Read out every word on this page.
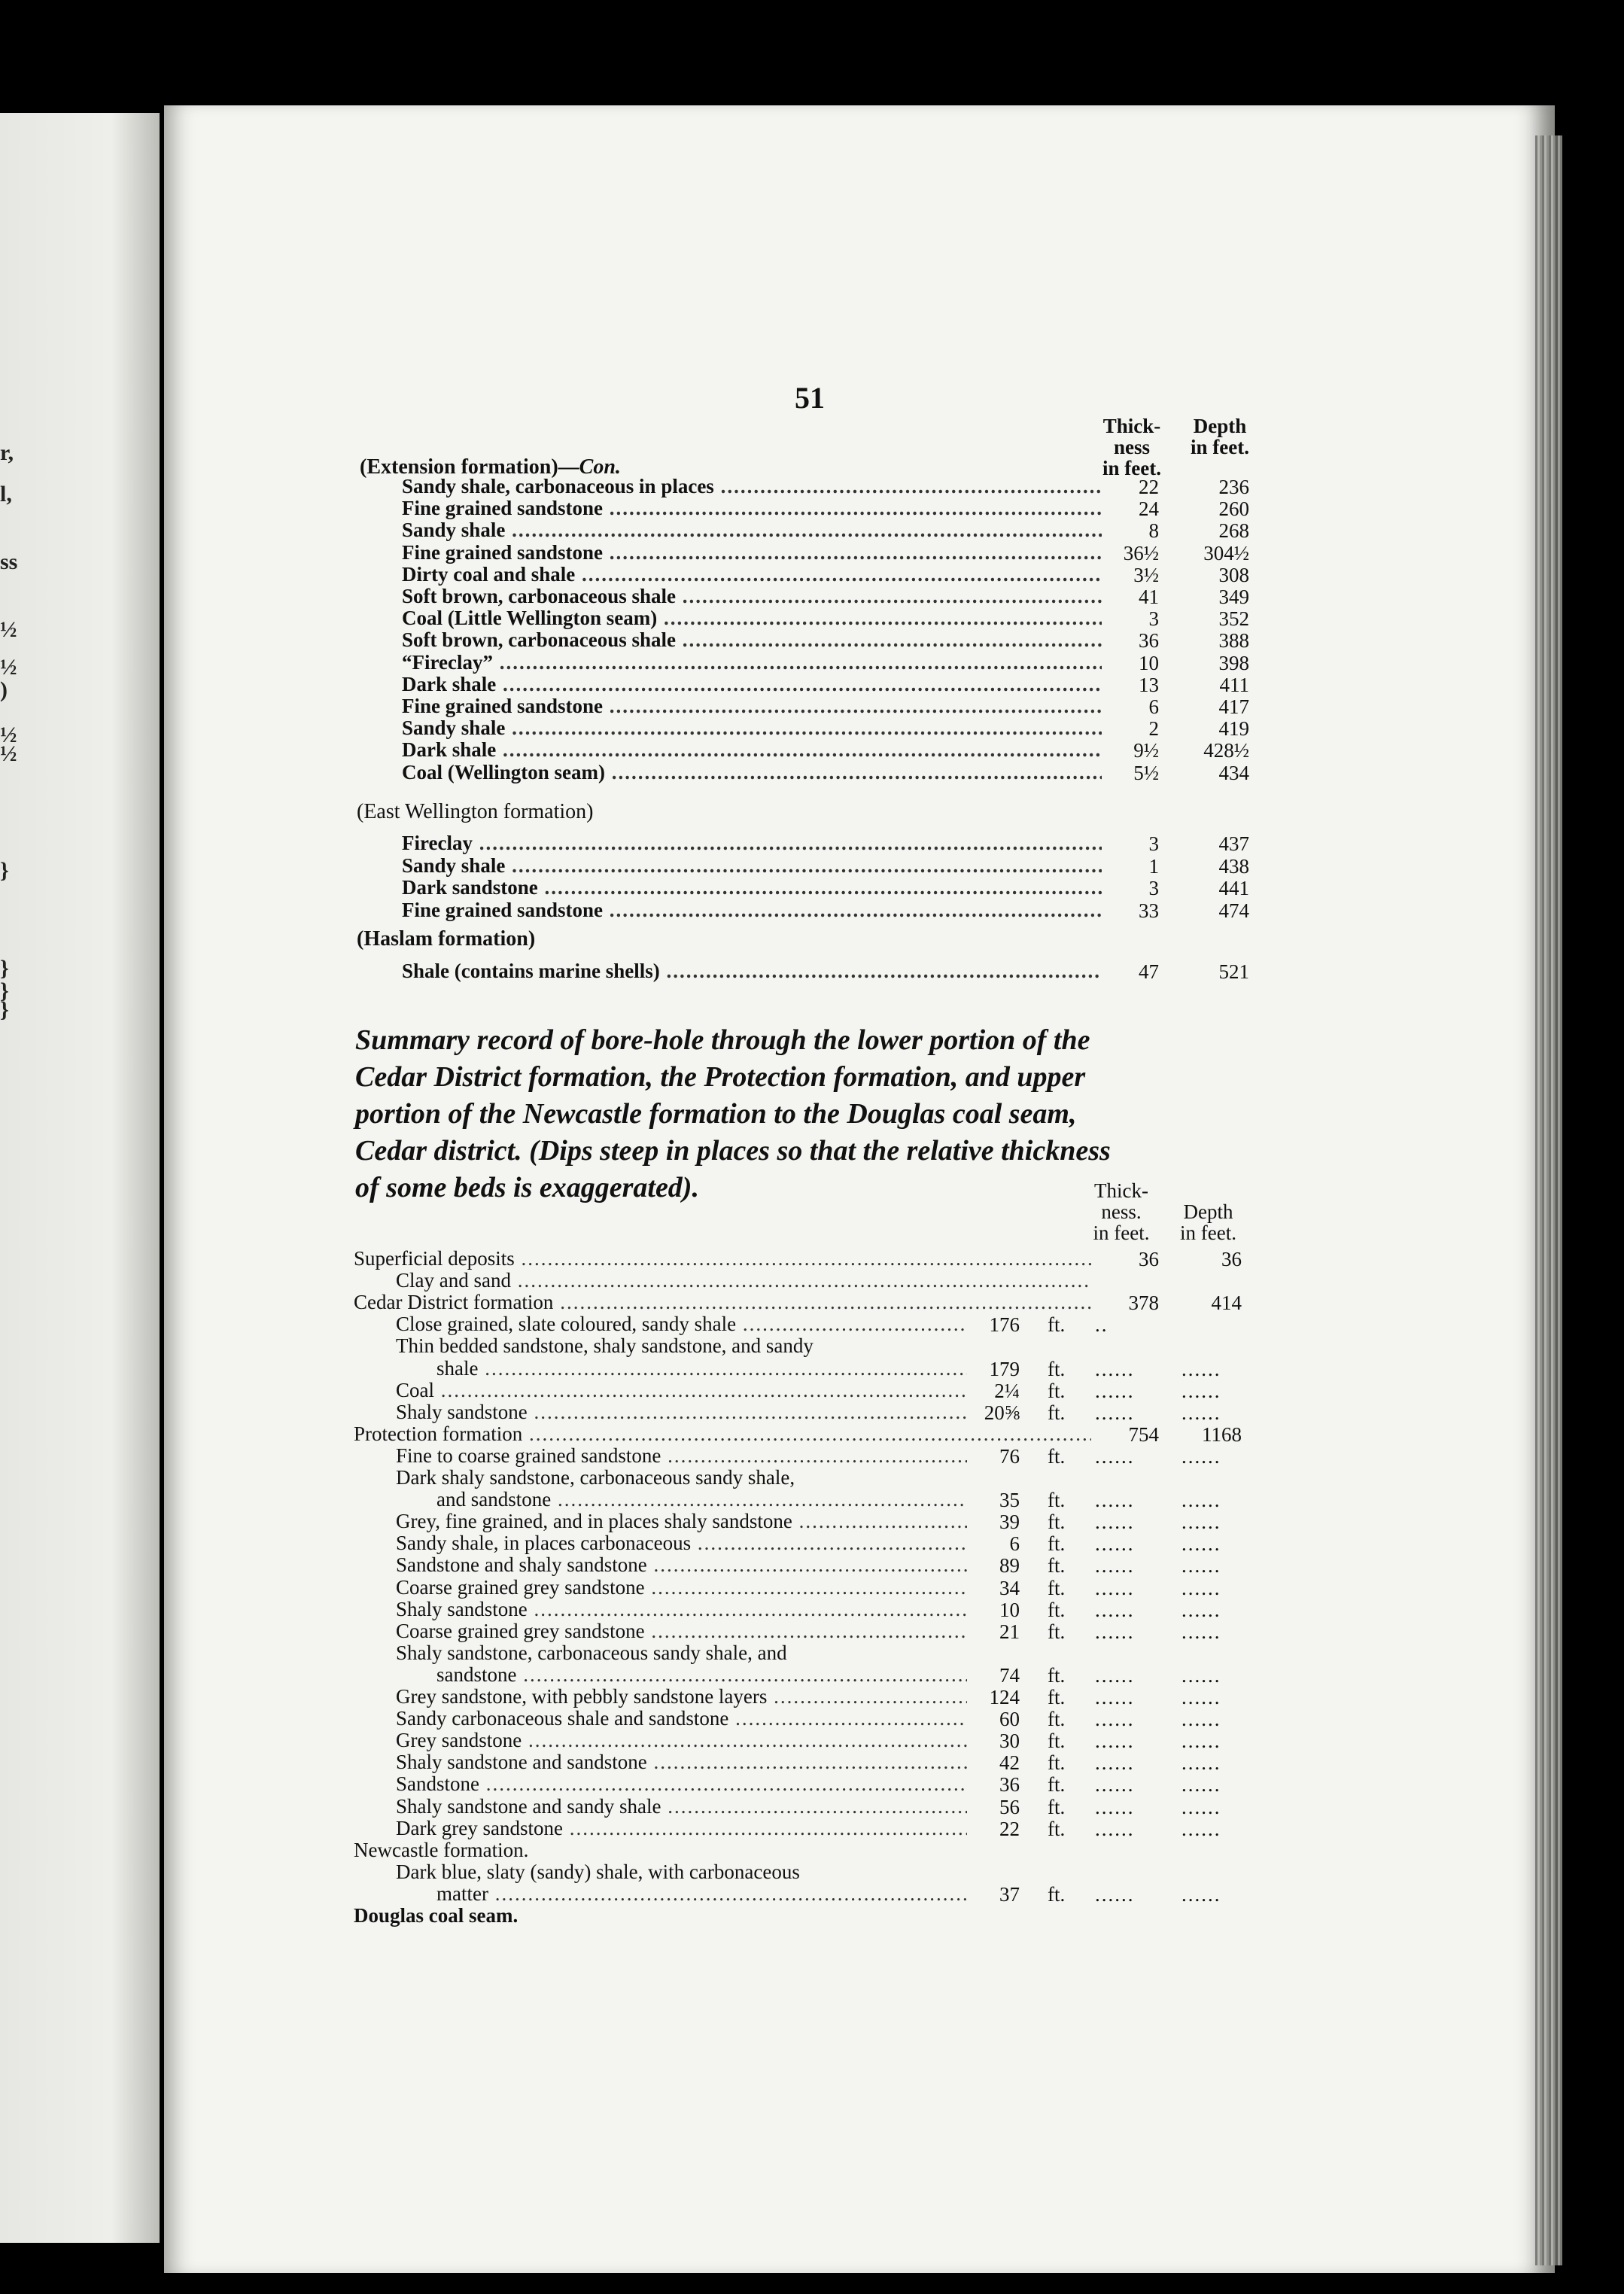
r,
l,
ss
½
½
)
½
½
}
}
}
}
51
Thick-
ness
in feet.
Depth
in feet.
(Extension formation)—Con.
Sandy shale, carbonaceous in places .....	22	236
Fine grained sandstone .....	24	260
Sandy shale .....	8	268
Fine grained sandstone .....	36½	304½
Dirty coal and shale .....	3½	308
Soft brown, carbonaceous shale .....	41	349
Coal (Little Wellington seam) .....	3	352
Soft brown, carbonaceous shale .....	36	388
“Fireclay” .....	10	398
Dark shale .....	13	411
Fine grained sandstone .....	6	417
Sandy shale .....	2	419
Dark shale .....	9½	428½
Coal (Wellington seam) .....	5½	434
(East Wellington formation)
Fireclay .....	3	437
Sandy shale .....	1	438
Dark sandstone .....	3	441
Fine grained sandstone .....	33	474
(Haslam formation)
Shale (contains marine shells) .....	47	521
Summary record of bore-hole through the lower portion of the
Cedar District formation, the Protection formation, and upper
portion of the Newcastle formation to the Douglas coal seam,
Cedar district. (Dips steep in places so that the relative thickness
of some beds is exaggerated).	Thick-
ness.
in feet.
Depth
in feet.
Superficial deposits .....	36	36
Clay and sand .....
Cedar District formation .....	378	414
Close grained, slate coloured, sandy shale .....	176 ft. ..
Thin bedded sandstone, shaly sandstone, and sandy
shale .....	179 ft. ...... ......
Coal .....	2¼ ft. ...... ......
Shaly sandstone .....	20⅝ ft. ...... ......
Protection formation .....	754	1168
Fine to coarse grained sandstone .....	76 ft. ...... ......
Dark shaly sandstone, carbonaceous sandy shale,
and sandstone .....	35 ft. ...... ......
Grey, fine grained, and in places shaly sandstone .....	39 ft. ...... ......
Sandy shale, in places carbonaceous .....	6 ft. ...... ......
Sandstone and shaly sandstone .....	89 ft. ...... ......
Coarse grained grey sandstone .....	34 ft. ...... ......
Shaly sandstone .....	10 ft. ...... ......
Coarse grained grey sandstone .....	21 ft. ...... ......
Shaly sandstone, carbonaceous sandy shale, and
sandstone .....	74 ft. ...... ......
Grey sandstone, with pebbly sandstone layers .....	124 ft. ...... ......
Sandy carbonaceous shale and sandstone .....	60 ft. ...... ......
Grey sandstone .....	30 ft. ...... ......
Shaly sandstone and sandstone .....	42 ft. ...... ......
Sandstone .....	36 ft. ...... ......
Shaly sandstone and sandy shale .....	56 ft. ...... ......
Dark grey sandstone .....	22 ft. ...... ......
Newcastle formation.
Dark blue, slaty (sandy) shale, with carbonaceous
matter .....	37 ft. ...... ......
Douglas coal seam.
